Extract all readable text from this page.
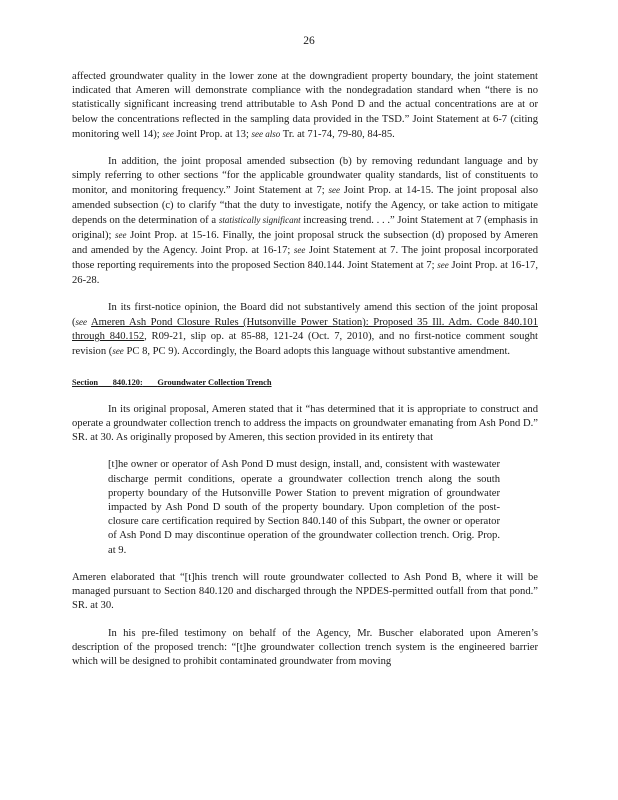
26

affected groundwater quality in the lower zone at the downgradient property boundary, the joint statement indicated that Ameren will demonstrate compliance with the nondegradation standard when “there is no statistically significant increasing trend attributable to Ash Pond D and the actual concentrations are at or below the concentrations reflected in the sampling data provided in the TSD.” Joint Statement at 6-7 (citing monitoring well 14); see Joint Prop. at 13; see also Tr. at 71-74, 79-80, 84-85.

In addition, the joint proposal amended subsection (b) by removing redundant language and by simply referring to other sections “for the applicable groundwater quality standards, list of constituents to monitor, and monitoring frequency.” Joint Statement at 7; see Joint Prop. at 14-15. The joint proposal also amended subsection (c) to clarify “that the duty to investigate, notify the Agency, or take action to mitigate depends on the determination of a statistically significant increasing trend. . . .” Joint Statement at 7 (emphasis in original); see Joint Prop. at 15-16. Finally, the joint proposal struck the subsection (d) proposed by Ameren and amended by the Agency. Joint Prop. at 16-17; see Joint Statement at 7. The joint proposal incorporated those reporting requirements into the proposed Section 840.144. Joint Statement at 7; see Joint Prop. at 16-17, 26-28.

In its first-notice opinion, the Board did not substantively amend this section of the joint proposal (see Ameren Ash Pond Closure Rules (Hutsonville Power Station): Proposed 35 Ill. Adm. Code 840.101 through 840.152, R09-21, slip op. at 85-88, 121-24 (Oct. 7, 2010), and no first-notice comment sought revision (see PC 8, PC 9). Accordingly, the Board adopts this language without substantive amendment.

Section 840.120: Groundwater Collection Trench

In its original proposal, Ameren stated that it “has determined that it is appropriate to construct and operate a groundwater collection trench to address the impacts on groundwater emanating from Ash Pond D.” SR. at 30. As originally proposed by Ameren, this section provided in its entirety that

[t]he owner or operator of Ash Pond D must design, install, and, consistent with wastewater discharge permit conditions, operate a groundwater collection trench along the south property boundary of the Hutsonville Power Station to prevent migration of groundwater impacted by Ash Pond D south of the property boundary. Upon completion of the post-closure care certification required by Section 840.140 of this Subpart, the owner or operator of Ash Pond D may discontinue operation of the groundwater collection trench. Orig. Prop. at 9.

Ameren elaborated that “[t]his trench will route groundwater collected to Ash Pond B, where it will be managed pursuant to Section 840.120 and discharged through the NPDES-permitted outfall from that pond.” SR. at 30.

In his pre-filed testimony on behalf of the Agency, Mr. Buscher elaborated upon Ameren’s description of the proposed trench: “[t]he groundwater collection trench system is the engineered barrier which will be designed to prohibit contaminated groundwater from moving
